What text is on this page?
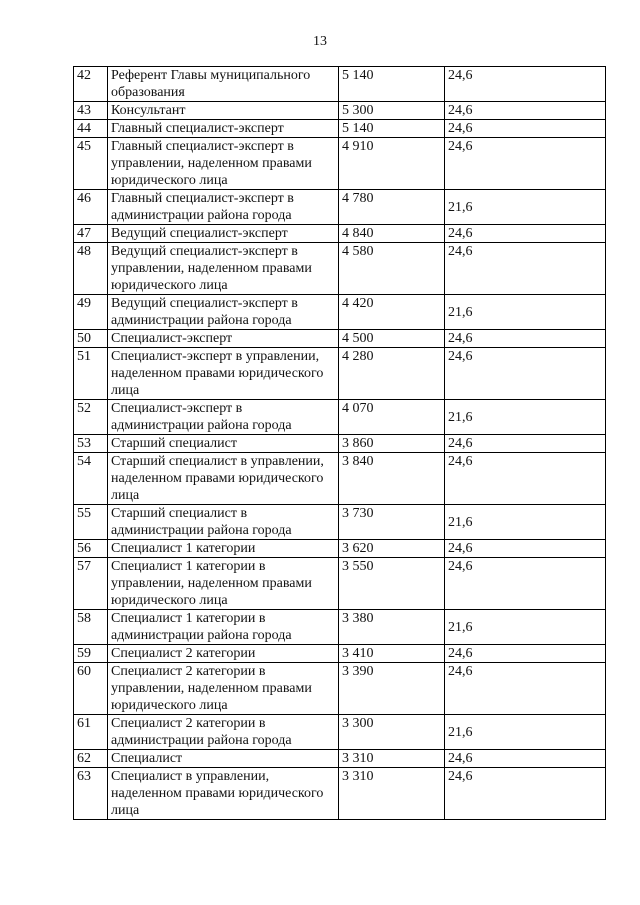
13
42	Референт Главы муниципального образования	5 140	24,6
43	Консультант	5 300	24,6
44	Главный специалист-эксперт	5 140	24,6
45	Главный специалист-эксперт в управлении, наделенном правами юридического лица	4 910	24,6
46	Главный специалист-эксперт в администрации района города	4 780	21,6
47	Ведущий специалист-эксперт	4 840	24,6
48	Ведущий специалист-эксперт в управлении, наделенном правами юридического лица	4 580	24,6
49	Ведущий специалист-эксперт в администрации района города	4 420	21,6
50	Специалист-эксперт	4 500	24,6
51	Специалист-эксперт в управлении, наделенном правами юридического лица	4 280	24,6
52	Специалист-эксперт в администрации района города	4 070	21,6
53	Старший специалист	3 860	24,6
54	Старший специалист в управлении, наделенном правами юридического лица	3 840	24,6
55	Старший специалист в администрации района города	3 730	21,6
56	Специалист 1 категории	3 620	24,6
57	Специалист 1 категории в управлении, наделенном правами юридического лица	3 550	24,6
58	Специалист 1 категории в администрации района города	3 380	21,6
59	Специалист 2 категории	3 410	24,6
60	Специалист 2 категории в управлении, наделенном правами юридического лица	3 390	24,6
61	Специалист 2 категории в администрации района города	3 300	21,6
62	Специалист	3 310	24,6
63	Специалист в управлении, наделенном правами юридического лица	3 310	24,6
